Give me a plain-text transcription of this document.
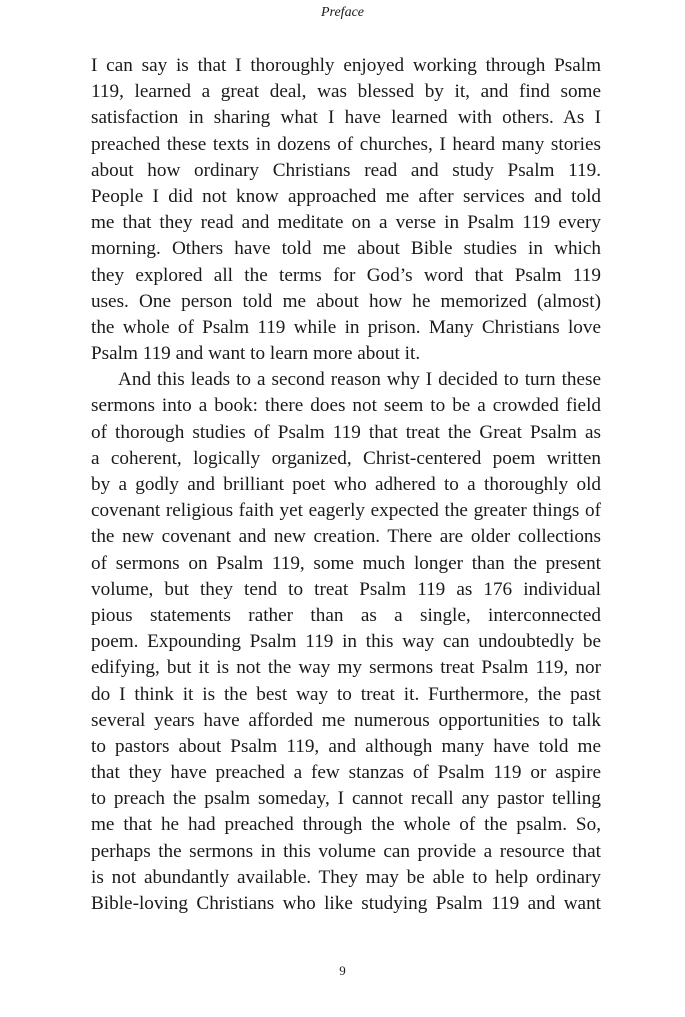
Preface
I can say is that I thoroughly enjoyed working through Psalm
119, learned a great deal, was blessed by it, and find some
satisfaction in sharing what I have learned with others. As I
preached these texts in dozens of churches, I heard many stories
about how ordinary Christians read and study Psalm 119.
People I did not know approached me after services and told
me that they read and meditate on a verse in Psalm 119 every
morning. Others have told me about Bible studies in which
they explored all the terms for God’s word that Psalm 119
uses. One person told me about how he memorized (almost)
the whole of Psalm 119 while in prison. Many Christians love
Psalm 119 and want to learn more about it.
And this leads to a second reason why I decided to turn these
sermons into a book: there does not seem to be a crowded field
of thorough studies of Psalm 119 that treat the Great Psalm as
a coherent, logically organized, Christ-centered poem written
by a godly and brilliant poet who adhered to a thoroughly old
covenant religious faith yet eagerly expected the greater things of
the new covenant and new creation. There are older collections
of sermons on Psalm 119, some much longer than the present
volume, but they tend to treat Psalm 119 as 176 individual
pious statements rather than as a single, interconnected
poem. Expounding Psalm 119 in this way can undoubtedly be
edifying, but it is not the way my sermons treat Psalm 119, nor
do I think it is the best way to treat it. Furthermore, the past
several years have afforded me numerous opportunities to talk
to pastors about Psalm 119, and although many have told me
that they have preached a few stanzas of Psalm 119 or aspire
to preach the psalm someday, I cannot recall any pastor telling
me that he had preached through the whole of the psalm. So,
perhaps the sermons in this volume can provide a resource that
is not abundantly available. They may be able to help ordinary
Bible-loving Christians who like studying Psalm 119 and want
9
